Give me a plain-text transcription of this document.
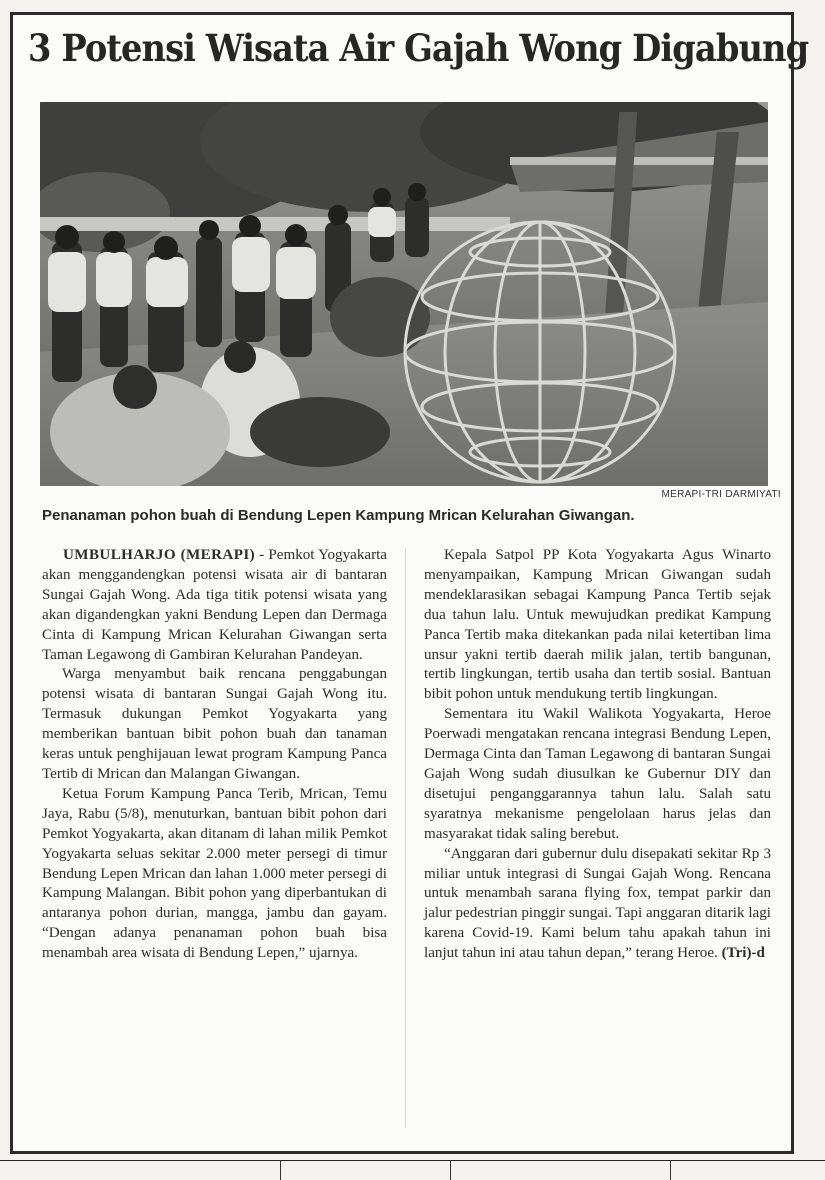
3 Potensi Wisata Air Gajah Wong Digabung
MERAPI-TRI DARMIYATI
Penanaman pohon buah di Bendung Lepen Kampung Mrican Kelurahan Giwangan.

UMBULHARJO (MERAPI) - Pemkot Yogyakarta akan menggandengkan potensi wisata air di bantaran Sungai Gajah Wong. Ada tiga titik potensi wisata yang akan digandengkan yakni Bendung Lepen dan Dermaga Cinta di Kampung Mrican Kelurahan Giwangan serta Taman Legawong di Gambiran Kelurahan Pandeyan.

Warga menyambut baik rencana penggabungan potensi wisata di bantaran Sungai Gajah Wong itu. Termasuk dukungan Pemkot Yogyakarta yang memberikan bantuan bibit pohon buah dan tanaman keras untuk penghijauan lewat program Kampung Panca Tertib di Mrican dan Malangan Giwangan.

Ketua Forum Kampung Panca Terib, Mrican, Temu Jaya, Rabu (5/8), menuturkan, bantuan bibit pohon dari Pemkot Yogyakarta, akan ditanam di lahan milik Pemkot Yogyakarta seluas sekitar 2.000 meter persegi di timur Bendung Lepen Mrican dan lahan 1.000 meter persegi di Kampung Malangan. Bibit pohon yang diperbantukan di antaranya pohon durian, mangga, jambu dan gayam. “Dengan adanya penanaman pohon buah bisa menambah area wisata di Bendung Lepen,” ujarnya.

Kepala Satpol PP Kota Yogyakarta Agus Winarto menyampaikan, Kampung Mrican Giwangan sudah mendeklarasikan sebagai Kampung Panca Tertib sejak dua tahun lalu. Untuk mewujudkan predikat Kampung Panca Tertib maka ditekankan pada nilai ketertiban lima unsur yakni tertib daerah milik jalan, tertib bangunan, tertib lingkungan, tertib usaha dan tertib sosial. Bantuan bibit pohon untuk mendukung tertib lingkungan.

Sementara itu Wakil Walikota Yogyakarta, Heroe Poerwadi mengatakan rencana integrasi Bendung Lepen, Dermaga Cinta dan Taman Legawong di bantaran Sungai Gajah Wong sudah diusulkan ke Gubernur DIY dan disetujui penganggarannya tahun lalu. Salah satu syaratnya mekanisme pengelolaan harus jelas dan masyarakat tidak saling berebut.

“Anggaran dari gubernur dulu disepakati sekitar Rp 3 miliar untuk integrasi di Sungai Gajah Wong. Rencana untuk menambah sarana flying fox, tempat parkir dan jalur pedestrian pinggir sungai. Tapi anggaran ditarik lagi karena Covid-19. Kami belum tahu apakah tahun ini lanjut tahun ini atau tahun depan,” terang Heroe. (Tri)-d
